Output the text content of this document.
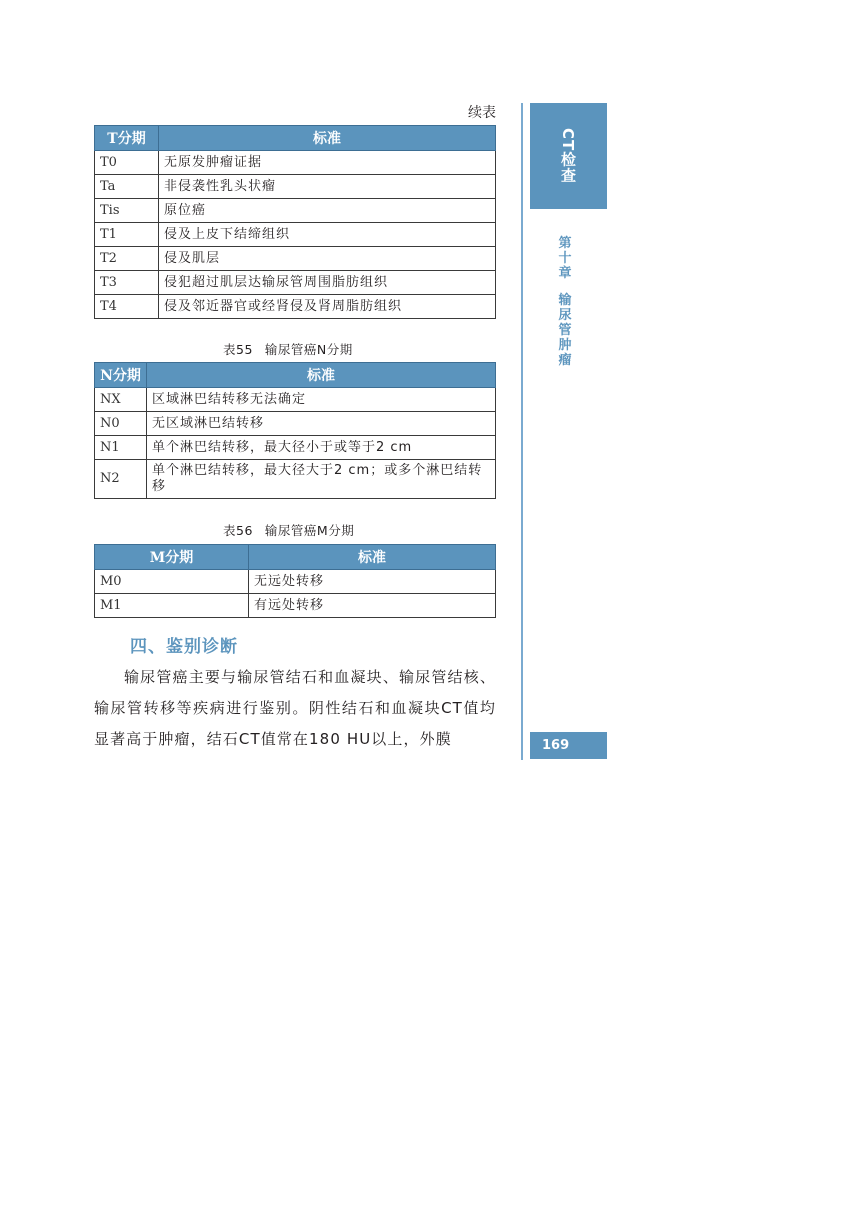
续表
T分期	标准
T0	无原发肿瘤证据
Ta	非侵袭性乳头状瘤
Tis	原位癌
T1	侵及上皮下结缔组织
T2	侵及肌层
T3	侵犯超过肌层达输尿管周围脂肪组织
T4	侵及邻近器官或经肾侵及肾周脂肪组织
表55 输尿管癌N分期
N分期	标准
NX	区域淋巴结转移无法确定
N0	无区域淋巴结转移
N1	单个淋巴结转移，最大径小于或等于2 cm
N2	单个淋巴结转移，最大径大于2 cm；或多个淋巴结转移
表56 输尿管癌M分期
M分期	标准
M0	无远处转移
M1	有远处转移
四、鉴别诊断

输尿管癌主要与输尿管结石和血凝块、输尿管结核、输尿管转移等疾病进行鉴别。阴性结石和血凝块CT值均显著高于肿瘤，结石CT值常在180 HU以上，外膜

CT检查
第十章
输尿管肿瘤
169
